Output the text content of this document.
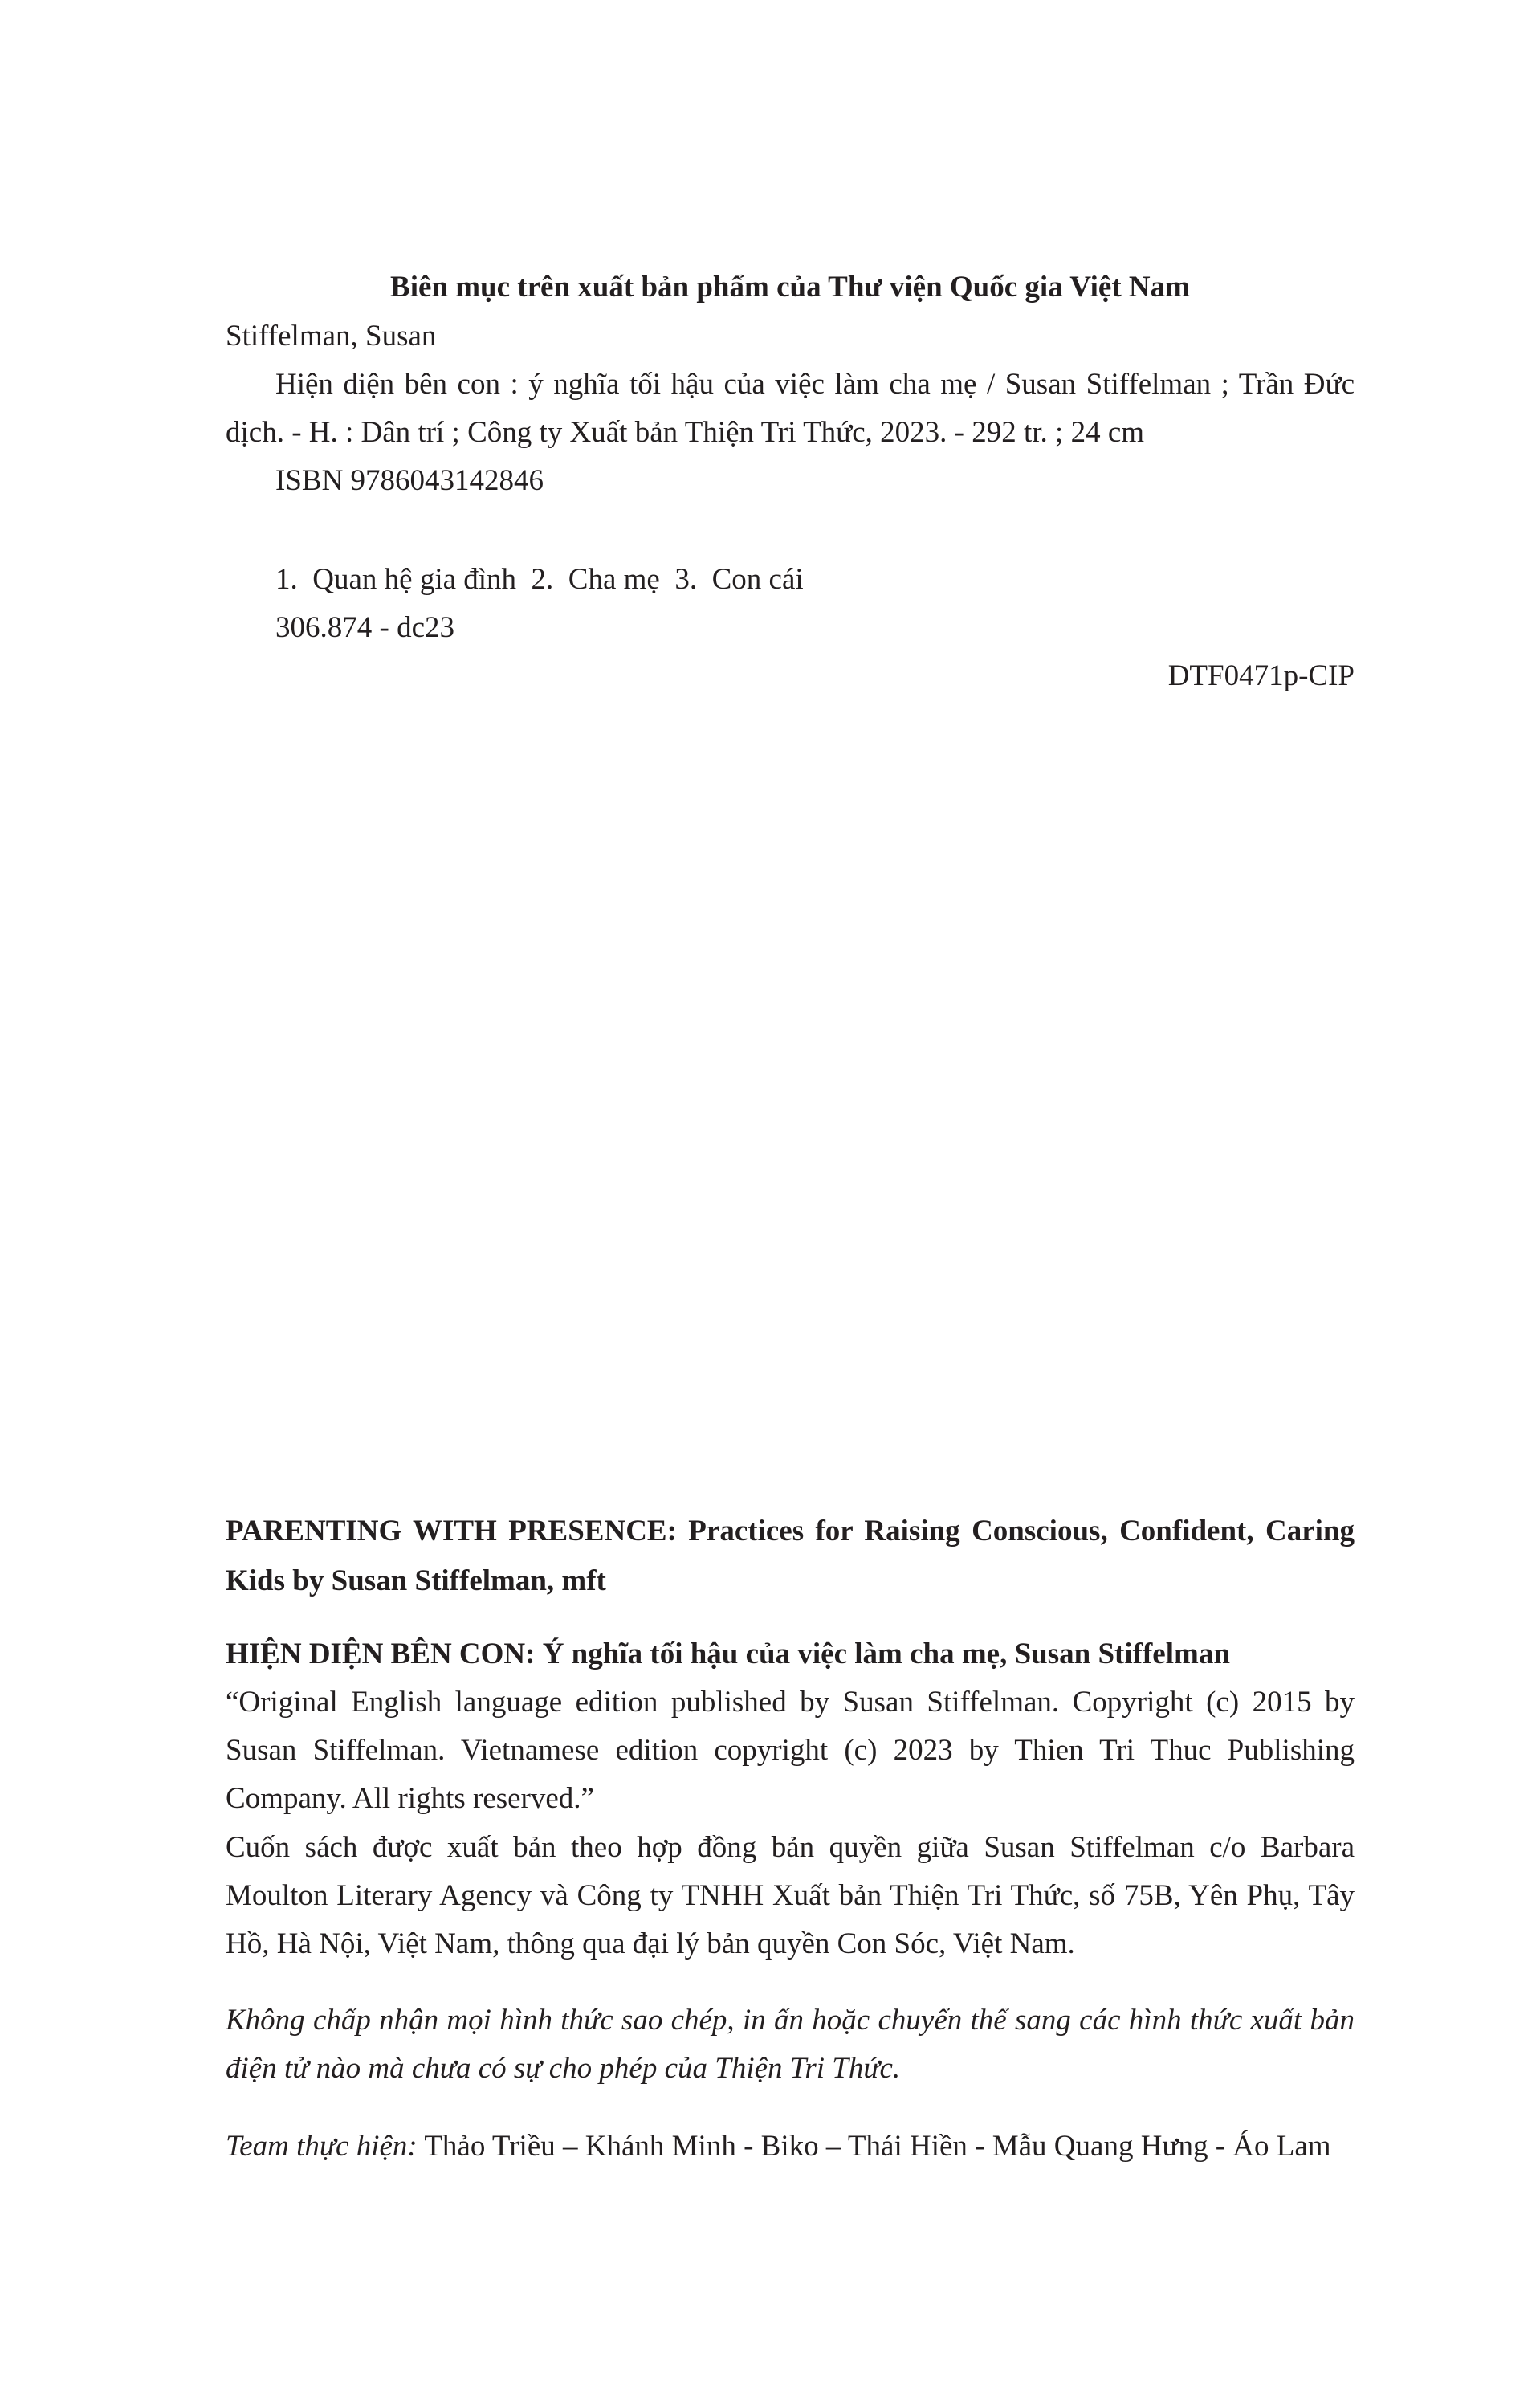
Biên mục trên xuất bản phẩm của Thư viện Quốc gia Việt Nam

Stiffelman, Susan

Hiện diện bên con : ý nghĩa tối hậu của việc làm cha mẹ / Susan Stiffelman ; Trần Đức dịch. - H. : Dân trí ; Công ty Xuất bản Thiện Tri Thức, 2023. - 292 tr. ; 24 cm

ISBN 9786043142846

1.  Quan hệ gia đình  2.  Cha mẹ  3.  Con cái

306.874 - dc23

DTF0471p-CIP

PARENTING WITH PRESENCE: Practices for Raising Conscious, Confident, Caring Kids by Susan Stiffelman, mft

HIỆN DIỆN BÊN CON: Ý nghĩa tối hậu của việc làm cha mẹ, Susan Stiffelman

“Original English language edition published by Susan Stiffelman. Copyright (c) 2015 by Susan Stiffelman. Vietnamese edition copyright (c) 2023 by Thien Tri Thuc Publishing Company. All rights reserved.”

Cuốn sách được xuất bản theo hợp đồng bản quyền giữa Susan Stiffelman c/o Barbara Moulton Literary Agency và Công ty TNHH Xuất bản Thiện Tri Thức, số 75B, Yên Phụ, Tây Hồ, Hà Nội, Việt Nam, thông qua đại lý bản quyền Con Sóc, Việt Nam.

Không chấp nhận mọi hình thức sao chép, in ấn hoặc chuyển thể sang các hình thức xuất bản điện tử nào mà chưa có sự cho phép của Thiện Tri Thức.

Team thực hiện: Thảo Triều – Khánh Minh - Biko – Thái Hiền - Mẫu Quang Hưng - Áo Lam
